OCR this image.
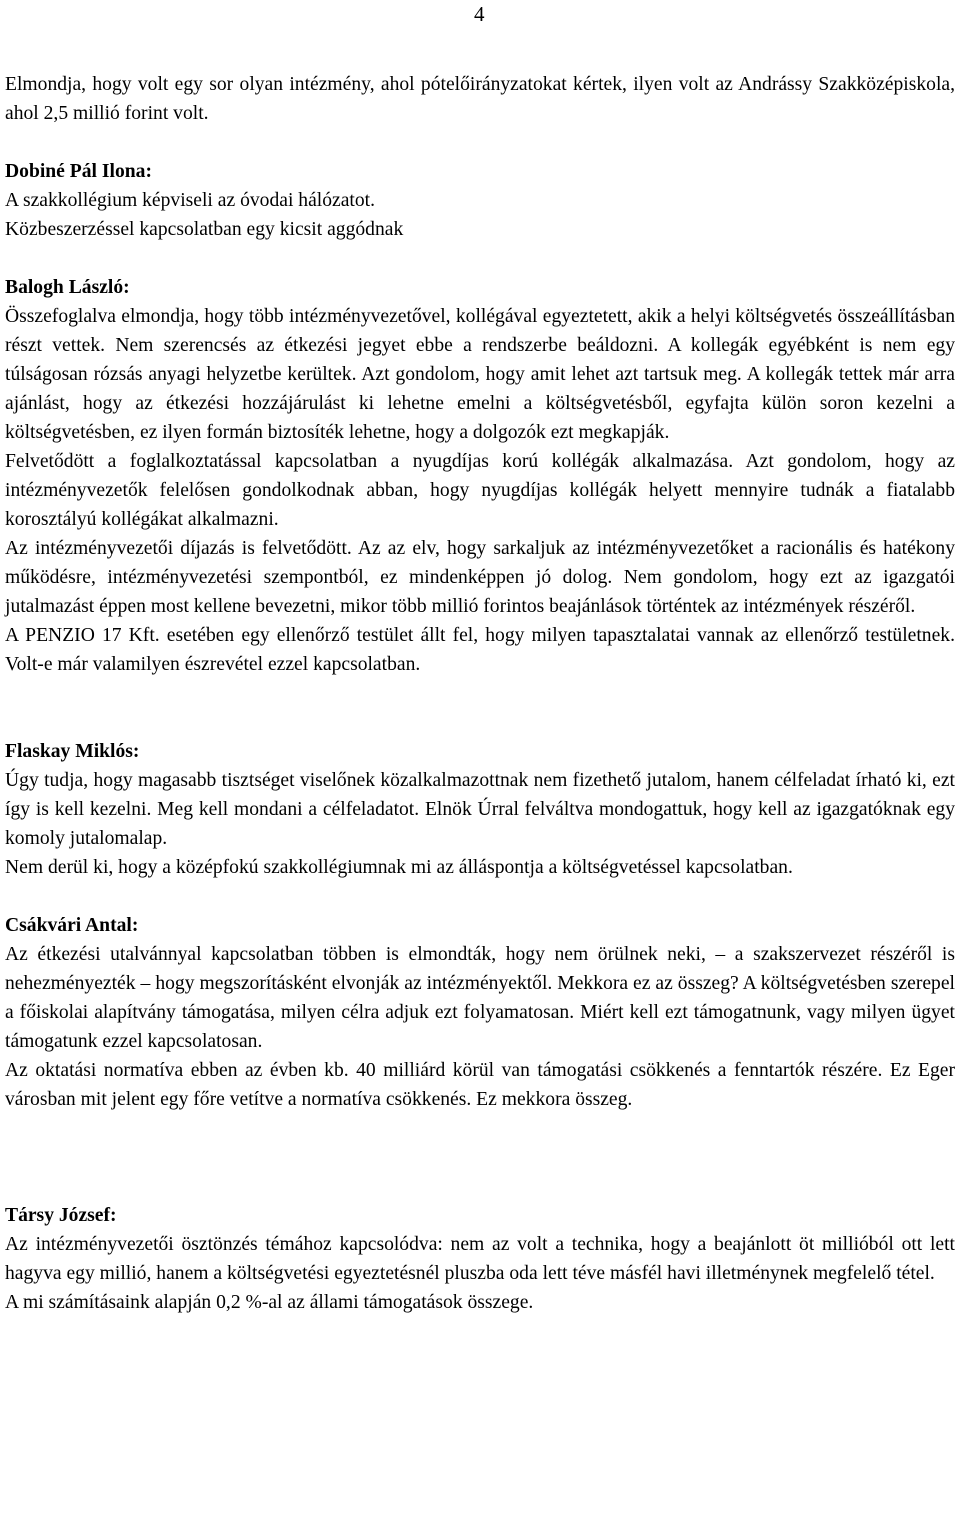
4

Elmondja, hogy volt egy sor olyan intézmény, ahol pótelőirányzatokat kértek, ilyen volt az Andrássy Szakközépiskola, ahol 2,5 millió forint volt.

Dobiné Pál Ilona:

A szakkollégium képviseli az óvodai hálózatot.

Közbeszerzéssel kapcsolatban egy kicsit aggódnak

Balogh László:

Összefoglalva elmondja, hogy több intézményvezetővel, kollégával egyeztetett, akik a helyi költségvetés összeállításban részt vettek. Nem szerencsés az étkezési jegyet ebbe a rendszerbe beáldozni. A kollegák egyébként is nem egy túlságosan rózsás anyagi helyzetbe kerültek. Azt gondolom, hogy amit lehet azt tartsuk meg. A kollegák tettek már arra ajánlást, hogy az étkezési hozzájárulást ki lehetne emelni a költségvetésből, egyfajta külön soron kezelni a költségvetésben, ez ilyen formán biztosíték lehetne, hogy a dolgozók ezt megkapják.

Felvetődött a foglalkoztatással kapcsolatban a nyugdíjas korú kollégák alkalmazása. Azt gondolom, hogy az intézményvezetők felelősen gondolkodnak abban, hogy nyugdíjas kollégák helyett mennyire tudnák a fiatalabb korosztályú kollégákat alkalmazni.

Az intézményvezetői díjazás is felvetődött. Az az elv, hogy sarkaljuk az intézményvezetőket a racionális és hatékony működésre, intézményvezetési szempontból, ez mindenképpen jó dolog. Nem gondolom, hogy ezt az igazgatói jutalmazást éppen most kellene bevezetni, mikor több millió forintos beajánlások történtek az intézmények részéről.

A PENZIO 17 Kft. esetében egy ellenőrző testület állt fel, hogy milyen tapasztalatai vannak az ellenőrző testületnek. Volt-e már valamilyen észrevétel ezzel kapcsolatban.

Flaskay Miklós:

Úgy tudja, hogy magasabb tisztséget viselőnek közalkalmazottnak nem fizethető jutalom, hanem célfeladat írható ki, ezt így is kell kezelni. Meg kell mondani a célfeladatot. Elnök Úrral felváltva mondogattuk, hogy kell az igazgatóknak egy komoly jutalomalap.

Nem derül ki, hogy a középfokú szakkollégiumnak mi az álláspontja a költségvetéssel kapcsolatban.

Csákvári Antal:

Az étkezési utalvánnyal kapcsolatban többen is elmondták, hogy nem örülnek neki, – a szakszervezet részéről is nehezményezték – hogy megszorításként elvonják az intézményektől. Mekkora ez az összeg? A költségvetésben szerepel a főiskolai alapítvány támogatása, milyen célra adjuk ezt folyamatosan. Miért kell ezt támogatnunk, vagy milyen ügyet támogatunk ezzel kapcsolatosan.

Az oktatási normatíva ebben az évben kb. 40 milliárd körül van támogatási csökkenés a fenntartók részére. Ez Eger városban mit jelent egy főre vetítve a normatíva csökkenés. Ez mekkora összeg.

Társy József:

Az intézményvezetői ösztönzés témához kapcsolódva: nem az volt a technika, hogy a beajánlott öt millióból ott lett hagyva egy millió, hanem a költségvetési egyeztetésnél pluszba oda lett téve másfél havi illetménynek megfelelő tétel.

A mi számításaink alapján 0,2 %-al az állami támogatások összege.
